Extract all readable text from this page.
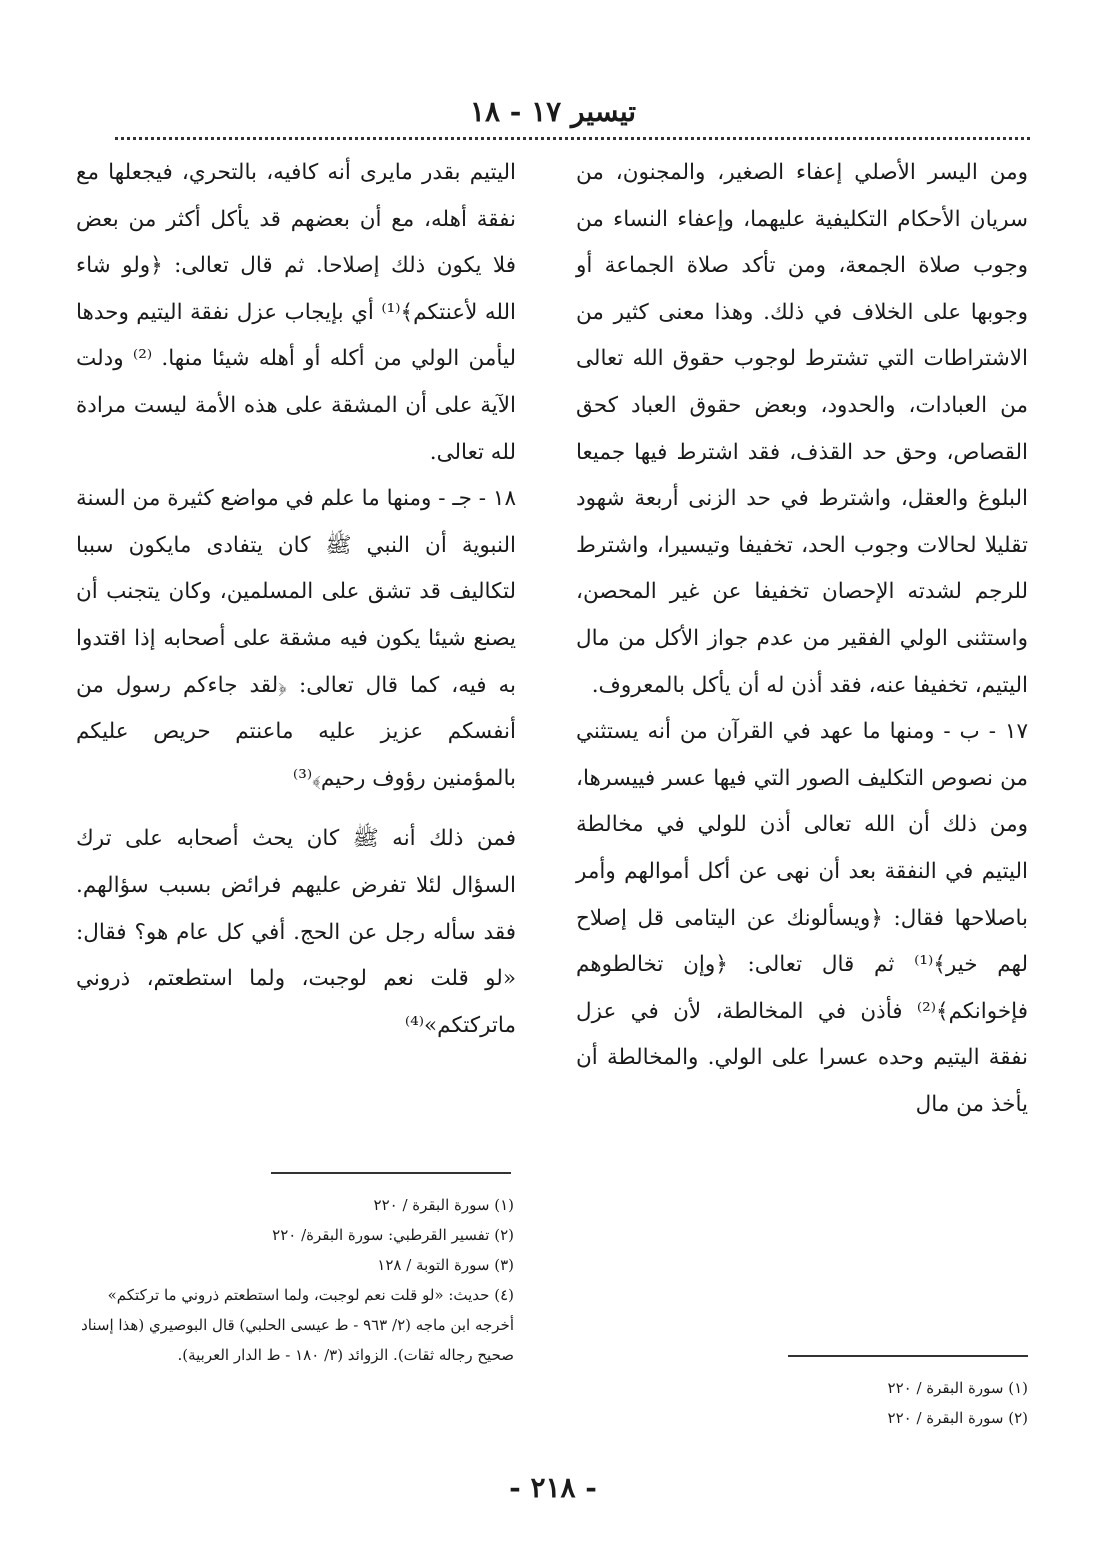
تيسير ١٧ - ١٨

ومن اليسر الأصلي إعفاء الصغير، والمجنون، من سريان الأحكام التكليفية عليهما، وإعفاء النساء من وجوب صلاة الجمعة، ومن تأكد صلاة الجماعة أو وجوبها على الخلاف في ذلك. وهذا معنى كثير من الاشتراطات التي تشترط لوجوب حقوق الله تعالى من العبادات، والحدود، وبعض حقوق العباد كحق القصاص، وحق حد القذف، فقد اشترط فيها جميعا البلوغ والعقل، واشترط في حد الزنى أربعة شهود تقليلا لحالات وجوب الحد، تخفيفا وتيسيرا، واشترط للرجم لشدته الإحصان تخفيفا عن غير المحصن، واستثنى الولي الفقير من عدم جواز الأكل من مال اليتيم، تخفيفا عنه، فقد أذن له أن يأكل بالمعروف.

١٧ - ب - ومنها ما عهد في القرآن من أنه يستثني من نصوص التكليف الصور التي فيها عسر فييسرها، ومن ذلك أن الله تعالى أذن للولي في مخالطة اليتيم في النفقة بعد أن نهى عن أكل أموالهم وأمر باصلاحها فقال: ﴿ويسألونك عن اليتامى قل إصلاح لهم خير﴾⁽¹⁾ ثم قال تعالى: ﴿وإن تخالطوهم فإخوانكم﴾⁽²⁾ فأذن في المخالطة، لأن في عزل نفقة اليتيم وحده عسرا على الولي. والمخالطة أن يأخذ من مال

اليتيم بقدر مايرى أنه كافيه، بالتحري، فيجعلها مع نفقة أهله، مع أن بعضهم قد يأكل أكثر من بعض فلا يكون ذلك إصلاحا. ثم قال تعالى: ﴿ولو شاء الله لأعنتكم﴾⁽¹⁾ أي بإيجاب عزل نفقة اليتيم وحدها ليأمن الولي من أكله أو أهله شيئا منها. ⁽²⁾ ودلت الآية على أن المشقة على هذه الأمة ليست مرادة لله تعالى.

١٨ - جـ - ومنها ما علم في مواضع كثيرة من السنة النبوية أن النبي ﷺ كان يتفادى مايكون سببا لتكاليف قد تشق على المسلمين، وكان يتجنب أن يصنع شيئا يكون فيه مشقة على أصحابه إذا اقتدوا به فيه، كما قال تعالى: ﴿لقد جاءكم رسول من أنفسكم عزيز عليه ماعنتم حريص عليكم بالمؤمنين رؤوف رحيم﴾⁽³⁾

فمن ذلك أنه ﷺ كان يحث أصحابه على ترك السؤال لئلا تفرض عليهم فرائض بسبب سؤالهم. فقد سأله رجل عن الحج. أفي كل عام هو؟ فقال: «لو قلت نعم لوجبت، ولما استطعتم، ذروني ماتركتكم»⁽⁴⁾

(١) سورة البقرة / ٢٢٠
(٢) سورة البقرة / ٢٢٠
(١) سورة البقرة / ٢٢٠
(٢) تفسير القرطبي: سورة البقرة/ ٢٢٠
(٣) سورة التوبة / ١٢٨
(٤) حديث: «لو قلت نعم لوجبت، ولما استطعتم ذروني ما تركتكم» أخرجه ابن ماجه (٢/ ٩٦٣ - ط عيسى الحلبي) قال البوصيري (هذا إسناد صحيح رجاله ثقات). الزوائد (٣/ ١٨٠ - ط الدار العربية).
- ٢١٨ -
